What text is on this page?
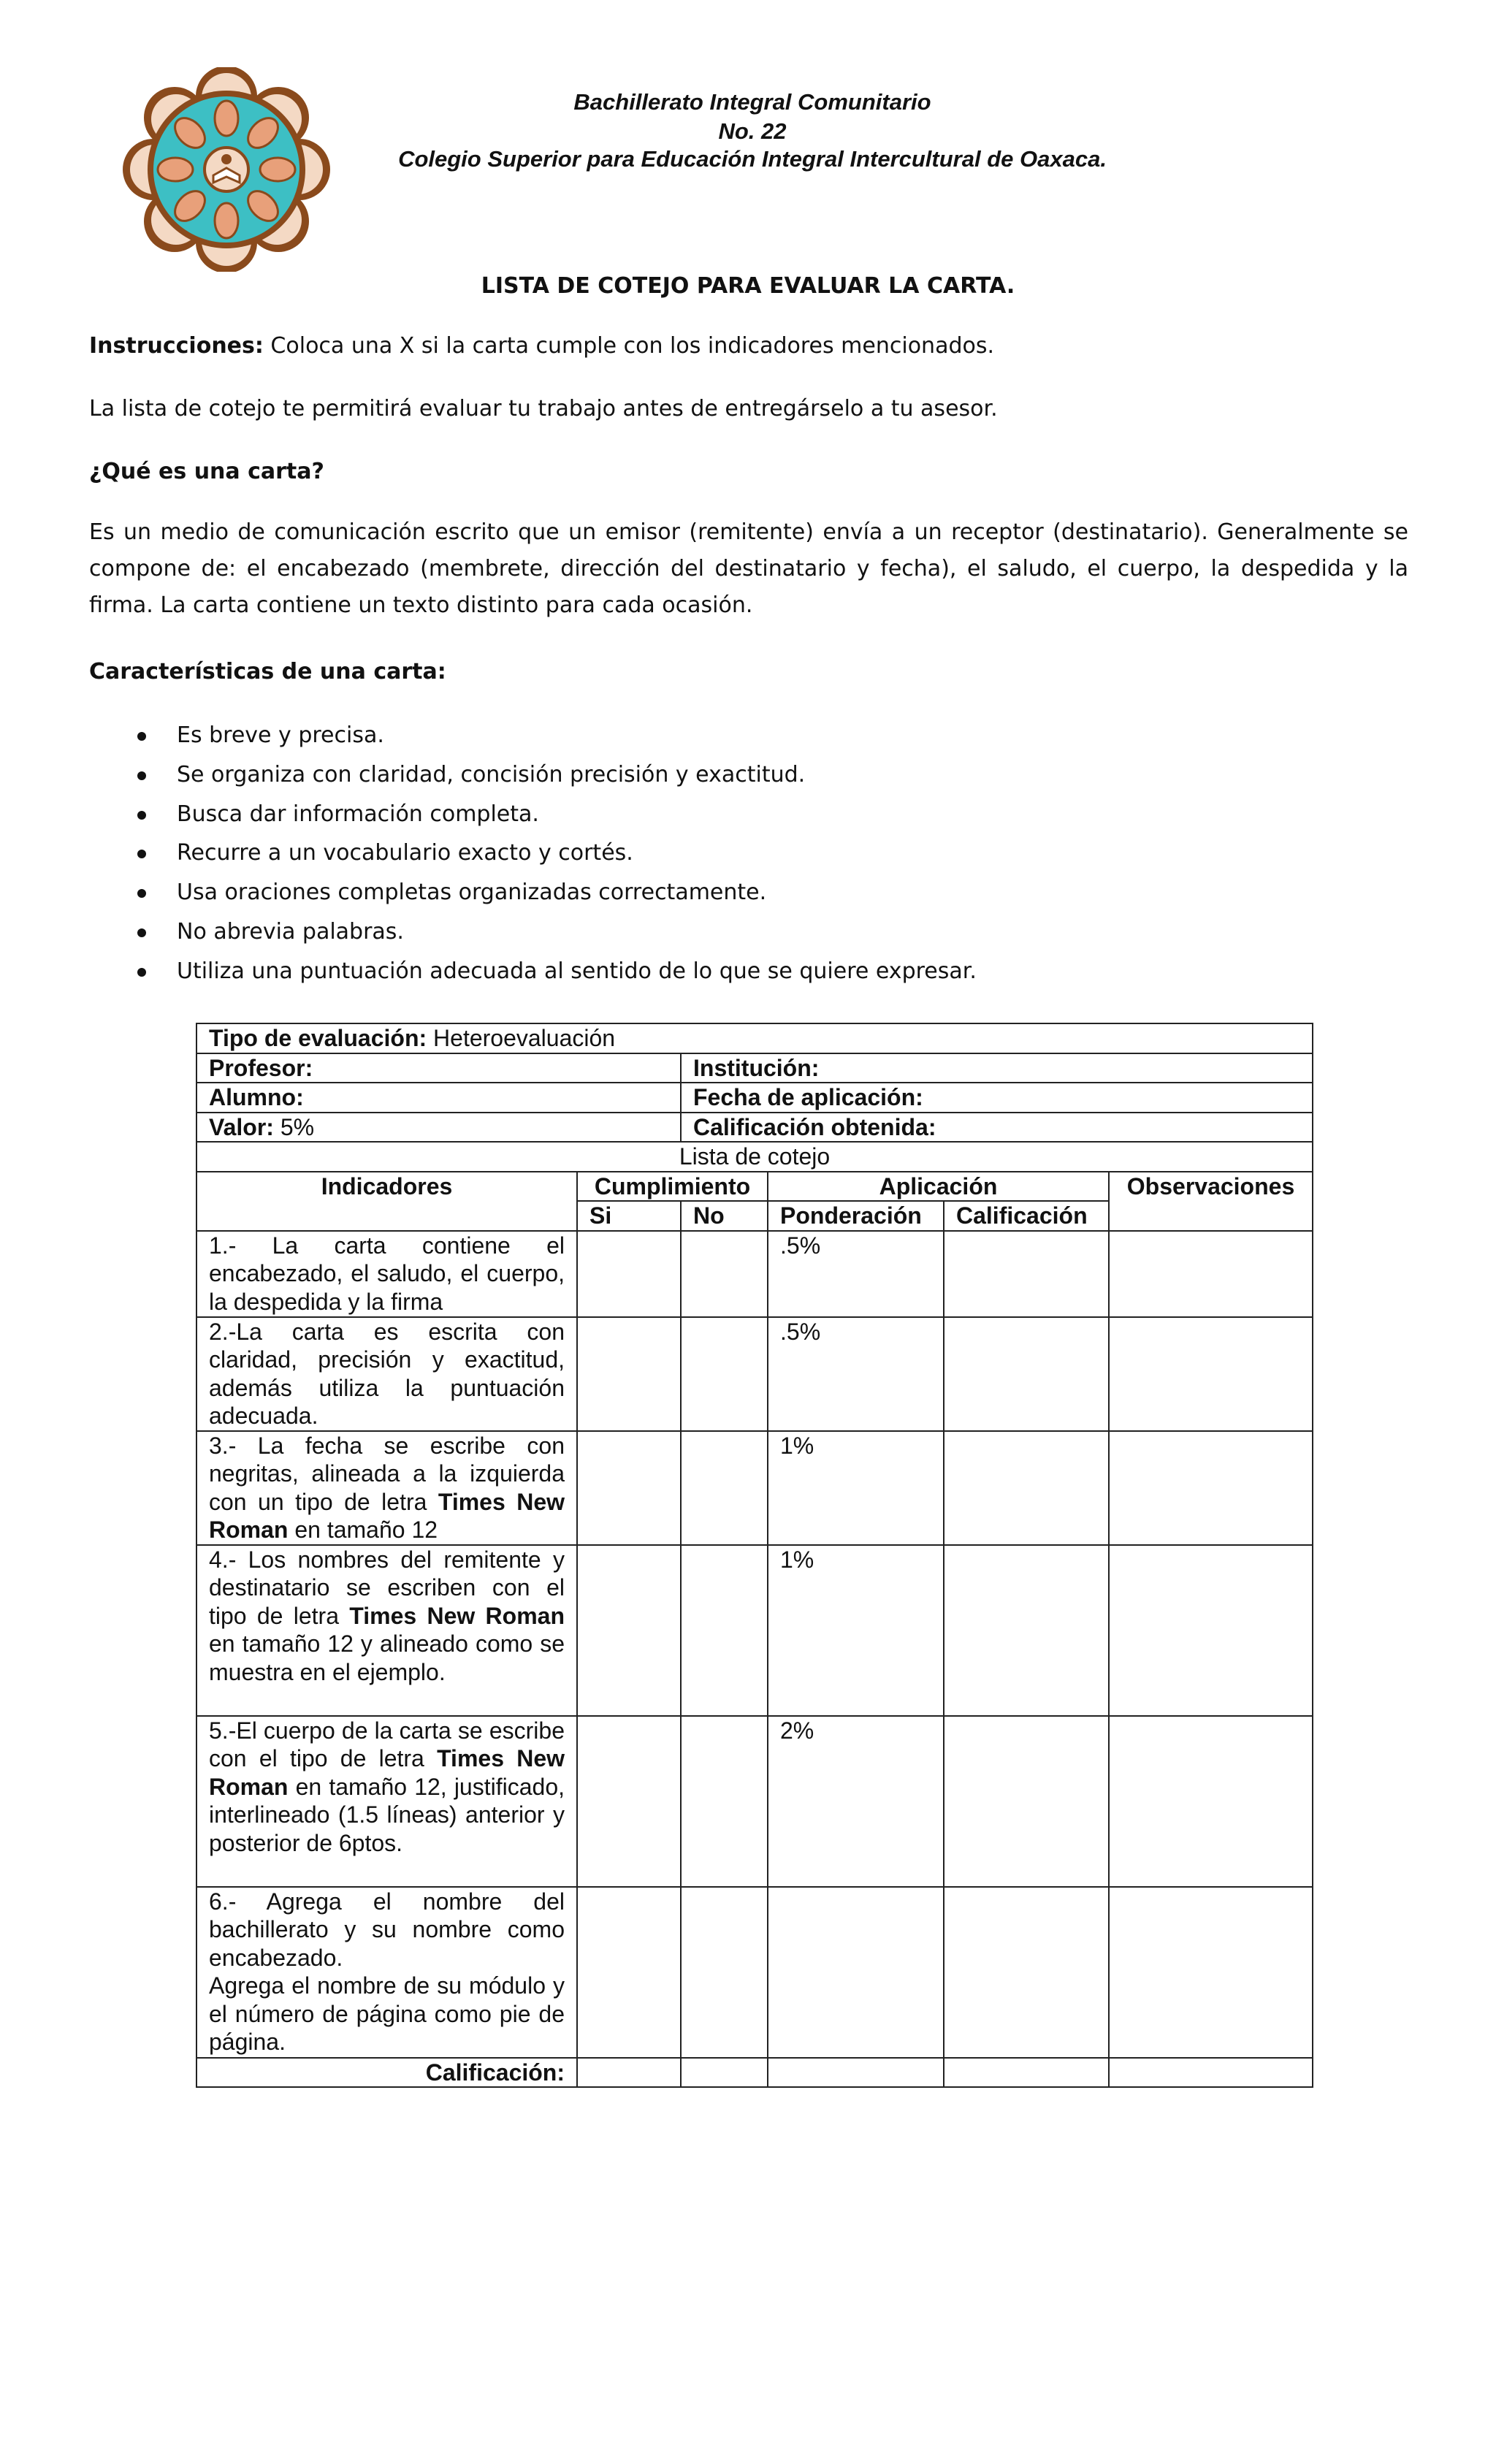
Bachillerato Integral Comunitario
No. 22
Colegio Superior para Educación Integral Intercultural de Oaxaca.
LISTA DE COTEJO PARA EVALUAR LA CARTA.

Instrucciones: Coloca una X si la carta cumple con los indicadores mencionados.

La lista de cotejo te permitirá evaluar tu trabajo antes de entregárselo a tu asesor.

¿Qué es una carta?

Es un medio de comunicación escrito que un emisor (remitente) envía a un receptor (destinatario). Generalmente se compone de: el encabezado (membrete, dirección del destinatario y fecha), el saludo, el cuerpo, la despedida y la firma. La carta contiene un texto distinto para cada ocasión.

Características de una carta:

Es breve y precisa.
Se organiza con claridad, concisión precisión y exactitud.
Busca dar información completa.
Recurre a un vocabulario exacto y cortés.
Usa oraciones completas organizadas correctamente.
No abrevia palabras.
Utiliza una puntuación adecuada al sentido de lo que se quiere expresar.
Tipo de evaluación: Heteroevaluación					
Profesor:		Institución:			
Alumno:		Fecha de aplicación:			
Valor: 5%		Calificación obtenida:			
Lista de cotejo					
Indicadores	Cumplimiento		Aplicación		Observaciones
	Si	No	Ponderación	Calificación	
1.- La carta contiene el encabezado, el saludo, el cuerpo, la despedida y la firma			.5%		
2.-La carta es escrita con claridad, precisión y exactitud, además utiliza la puntuación adecuada.			.5%		
3.- La fecha se escribe con negritas, alineada a la izquierda con un tipo de letra Times New Roman en tamaño 12			1%		
4.- Los nombres del remitente y destinatario se escriben con el tipo de letra Times New Roman en tamaño 12 y alineado como se muestra en el ejemplo.			1%		
5.-El cuerpo de la carta se escribe con el tipo de letra Times New Roman en tamaño 12, justificado, interlineado (1.5 líneas) anterior y posterior de 6ptos.			2%		
6.- Agrega el nombre del bachillerato y su nombre como encabezado.
Agrega el nombre de su módulo y el número de página como pie de página.					
Calificación:					
